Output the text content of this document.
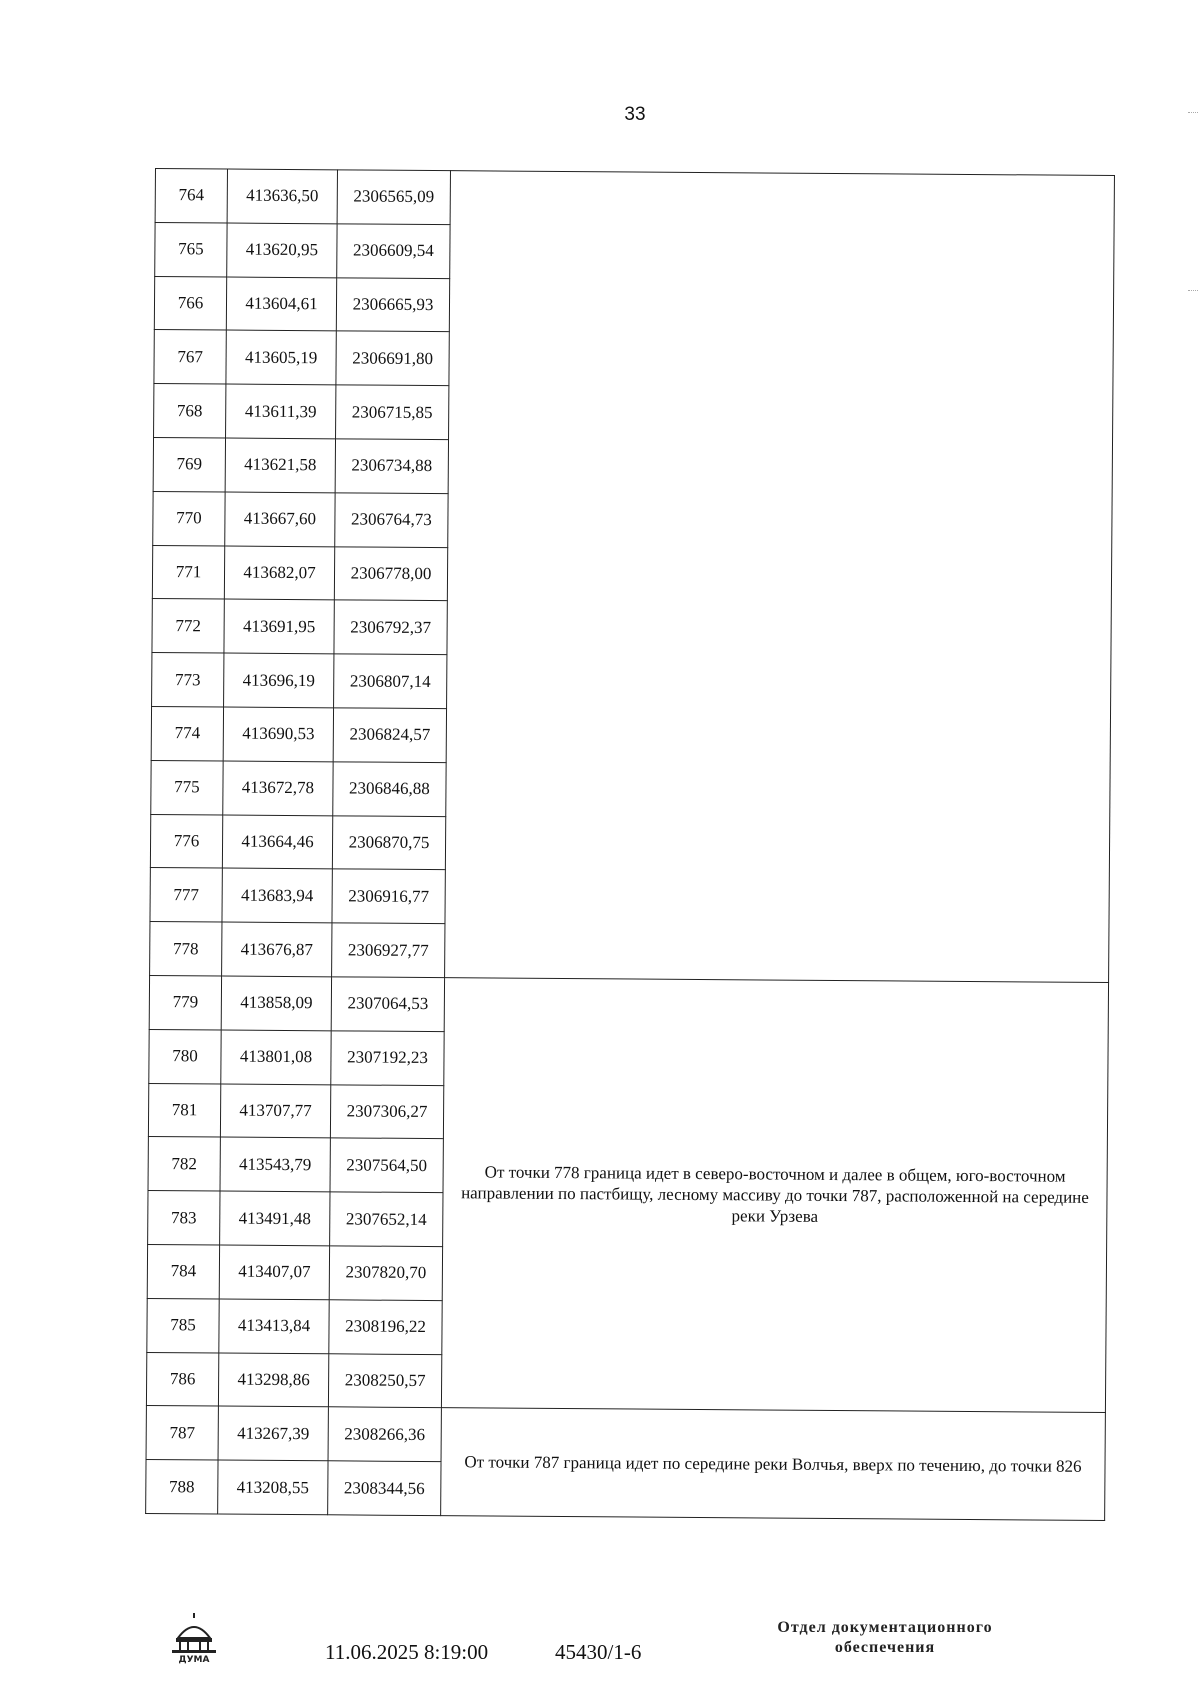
33
764	413636,50	2306565,09	
765	413620,95	2306609,54	
766	413604,61	2306665,93	
767	413605,19	2306691,80	
768	413611,39	2306715,85	
769	413621,58	2306734,88	
770	413667,60	2306764,73	
771	413682,07	2306778,00	
772	413691,95	2306792,37	
773	413696,19	2306807,14	
774	413690,53	2306824,57	
775	413672,78	2306846,88	
776	413664,46	2306870,75	
777	413683,94	2306916,77	
778	413676,87	2306927,77	
779	413858,09	2307064,53	От точки 778 граница идет в северо-восточном и далее в общем, юго-восточном направлении по пастбищу, лесному массиву до точки 787, расположенной на середине реки Урзева
780	413801,08	2307192,23	
781	413707,77	2307306,27	
782	413543,79	2307564,50	
783	413491,48	2307652,14	
784	413407,07	2307820,70	
785	413413,84	2308196,22	
786	413298,86	2308250,57	
787	413267,39	2308266,36	От точки 787 граница идет по середине реки Волчья, вверх по течению, до точки 826
788	413208,55	2308344,56	
ДУМА	11.06.2025 8:19:00	45430/1-6
Отдел документационного
обеспечения
